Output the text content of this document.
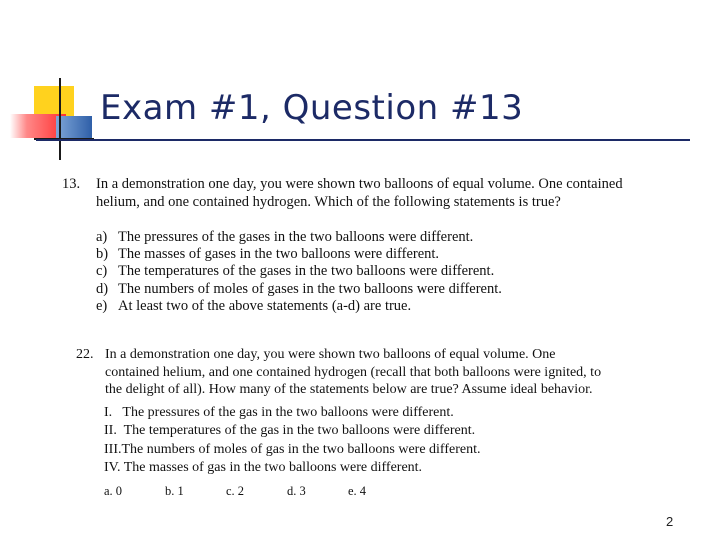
Exam #1, Question #13
13. In a demonstration one day, you were shown two balloons of equal volume. One contained helium, and one contained hydrogen. Which of the following statements is true?
a) The pressures of the gases in the two balloons were different.
b) The masses of gases in the two balloons were different.
c) The temperatures of the gases in the two balloons were different.
d) The numbers of moles of gases in the two balloons were different.
e) At least two of the above statements (a-d) are true.
22. In a demonstration one day, you were shown two balloons of equal volume. One contained helium, and one contained hydrogen (recall that both balloons were ignited, to the delight of all). How many of the statements below are true? Assume ideal behavior.
I.   The pressures of the gas in the two balloons were different.
II.  The temperatures of the gas in the two balloons were different.
III.The numbers of moles of gas in the two balloons were different.
IV. The masses of gas in the two balloons were different.
a. 0	b. 1	c. 2	d. 3	e. 4
2
